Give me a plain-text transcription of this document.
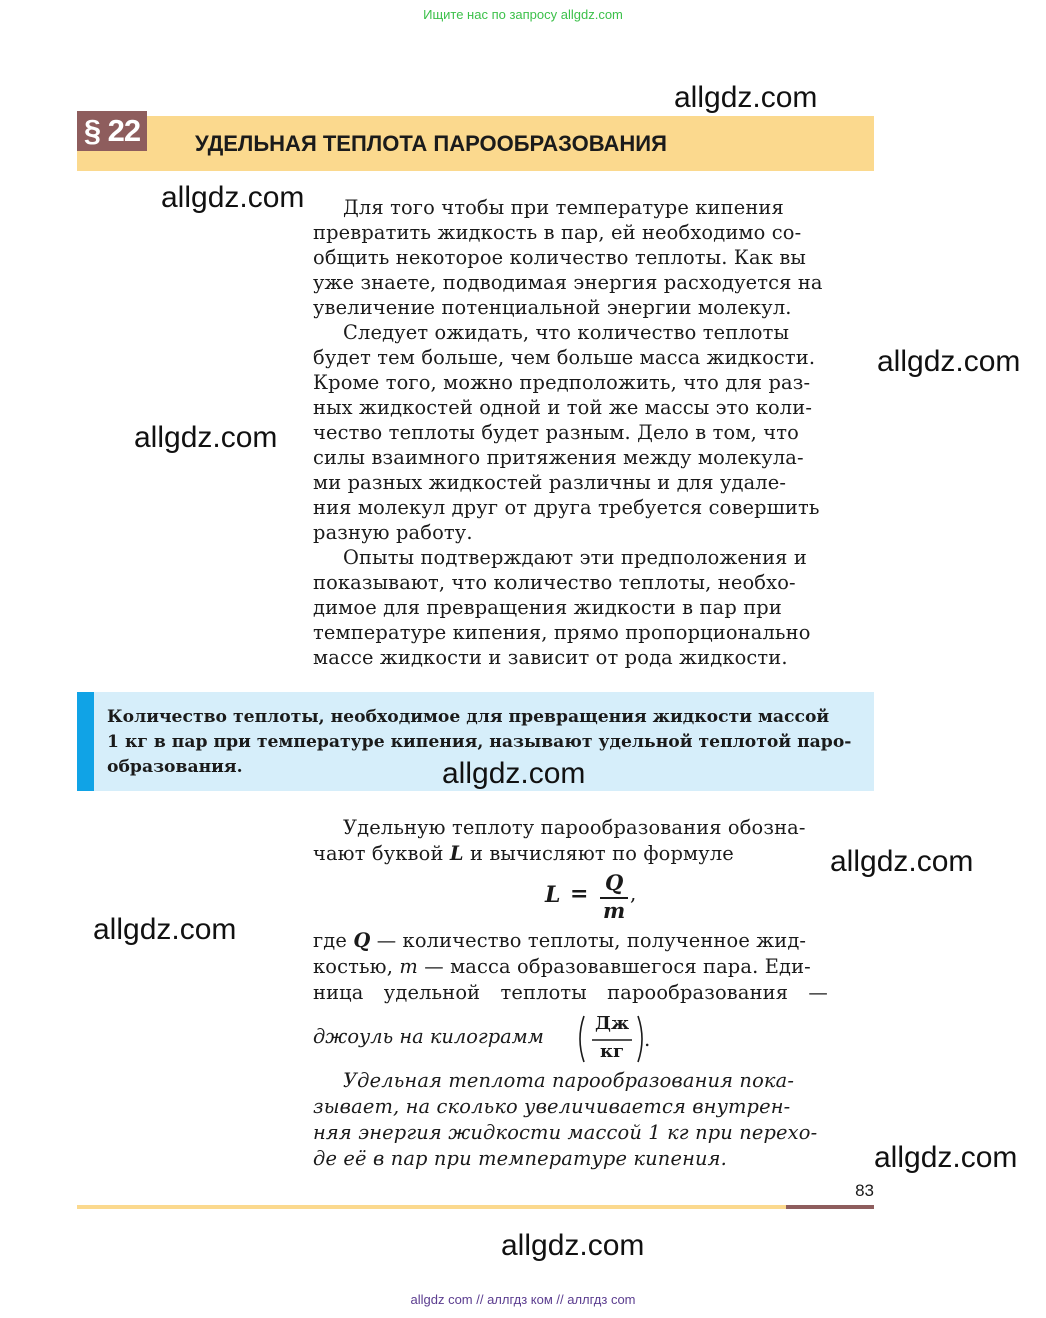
Ищите нас по запросу allgdz.com
§ 22	УДЕЛЬНАЯ ТЕПЛОТА ПАРООБРАЗОВАНИЯ
Для того чтобы при температуре кипения
превратить жидкость в пар, ей необходимо со-
общить некоторое количество теплоты. Как вы
уже знаете, подводимая энергия расходуется на
увеличение потенциальной энергии молекул.
Следует ожидать, что количество теплоты
будет тем больше, чем больше масса жидкости.
Кроме того, можно предположить, что для раз-
ных жидкостей одной и той же массы это коли-
чество теплоты будет разным. Дело в том, что
силы взаимного притяжения между молекула-
ми разных жидкостей различны и для удале-
ния молекул друг от друга требуется совершить
разную работу.
Опыты подтверждают эти предположения и
показывают, что количество теплоты, необхо-
димое для превращения жидкости в пар при
температуре кипения, прямо пропорционально
массе жидкости и зависит от рода жидкости.
Количество теплоты, необходимое для превращения жидкости массой
1 кг в пар при температуре кипения, называют удельной теплотой паро-
образования.
Удельную теплоту парообразования обозна-
чают буквой L и вычисляют по формуле
L = Q
m
,
где Q — количество теплоты, полученное жид-
костью, m — масса образовавшегося пара. Еди-
ница удельной теплоты парообразования —
джоуль на килограмм
Дж
кг
.
Удельная теплота парообразования пока-
зывает, на сколько увеличивается внутрен-
няя энергия жидкости массой 1 кг при перехо-
де её в пар при температуре кипения.
83
allgdz.com
allgdz.com
allgdz.com
allgdz.com
allgdz.com
allgdz.com
allgdz.com
allgdz.com
allgdz.com
allgdz com // аллгдз ком // аллгдз com
